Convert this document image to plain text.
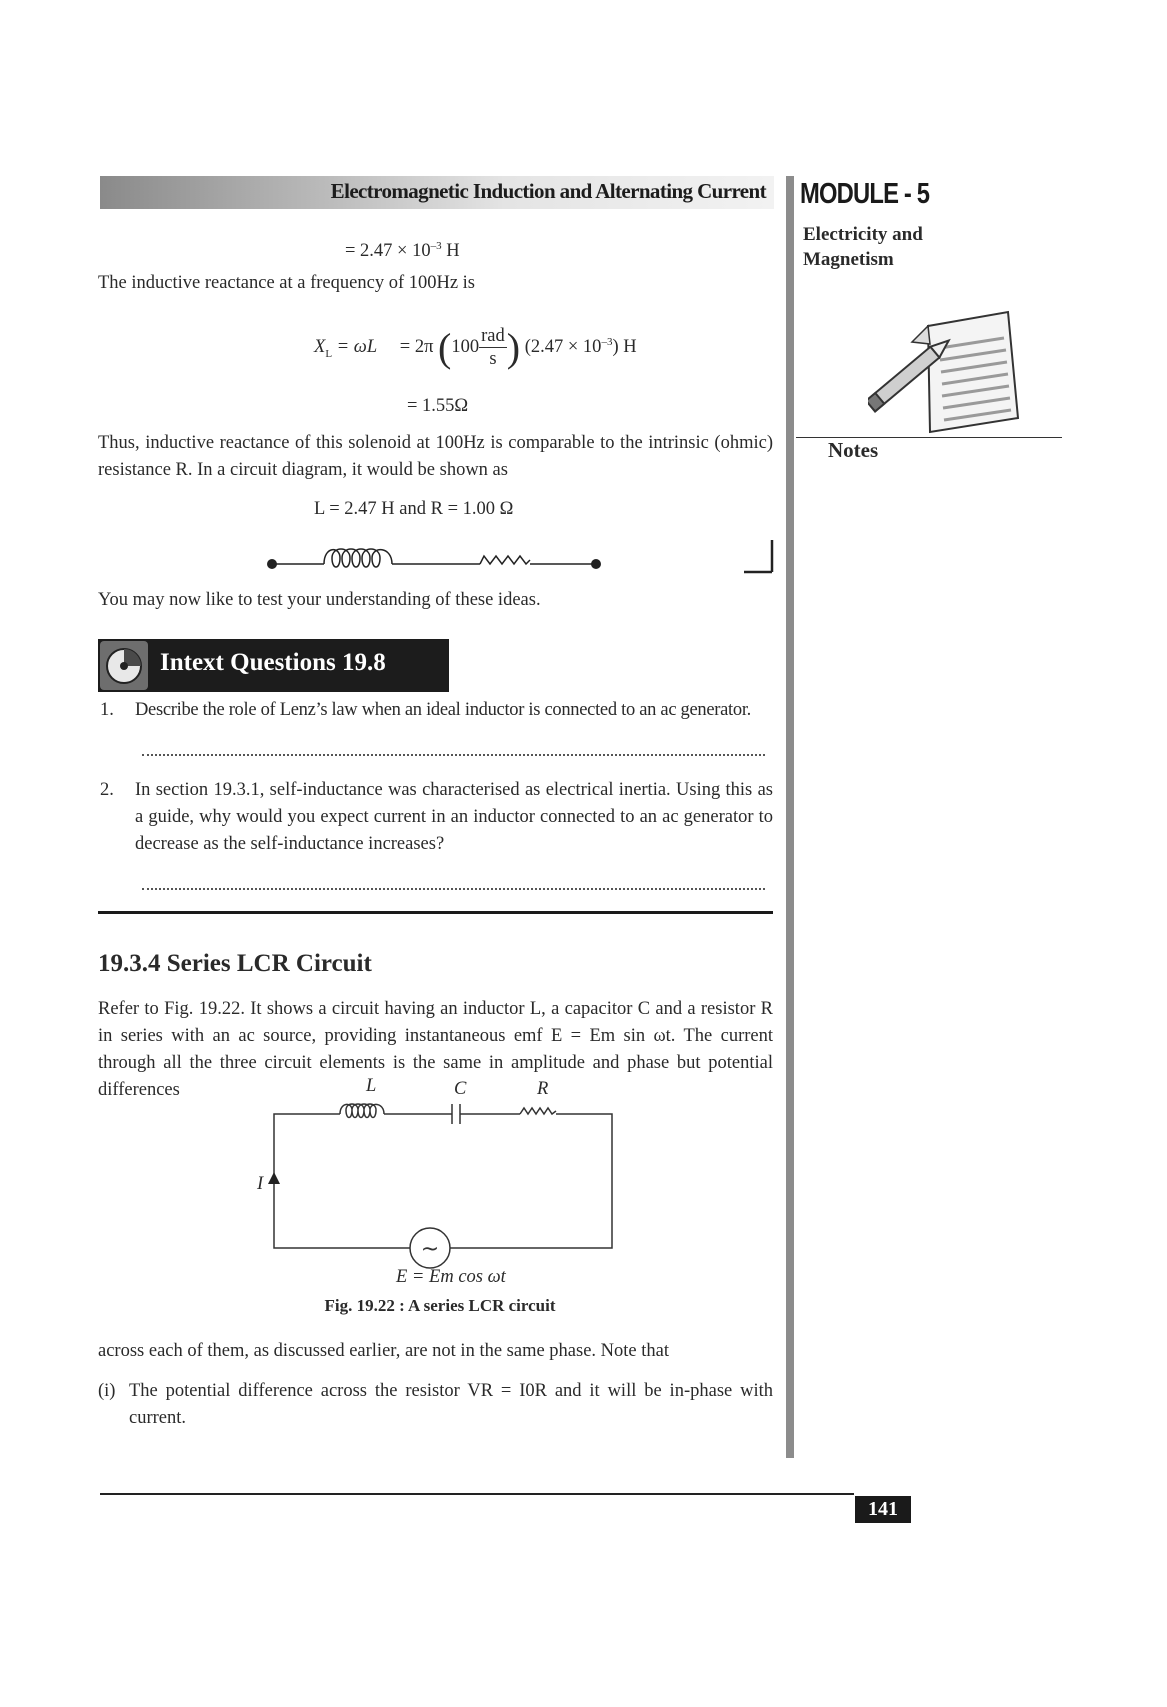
Electromagnetic Induction and Alternating Current MODULE - 5
Electricity and Magnetism
Notes
= $2.47 \times 10^{-3}$ H
The inductive reactance at a frequency of 100Hz is
$X_L = \omega L = 2\pi$ ($100 \frac{\text{rad}}{s}$ ) $(2.47 \times 10^{-3})$ H
= 1.55Ω
Thus, inductive reactance of this solenoid at 100Hz is comparable to the intrinsic (ohmic) resistance R. In a circuit diagram, it would be shown as
L = 2.47 H and R = 1.00 Ω
You may now like to test your understanding of these ideas.
Intext Questions 19.8
1. Describe the role of Lenz’s law when an ideal inductor is connected to an ac generator.
2. In section 19.3.1, self-inductance was characterised as electrical inertia. Using this as a guide, why would you expect current in an inductor connected to an ac generator to decrease as the self-inductance increases?
19.3.4 Series LCR Circuit
Refer to Fig. 19.22. It shows a circuit having an inductor L, a capacitor C and a resistor R in series with an ac source, providing instantaneous emf E = Em sin ωt. The current through all the three circuit elements is the same in amplitude and phase but potential differences	L	C	R
I
~
E = Em cos ωt
Fig. 19.22 : A series LCR circuit
across each of them, as discussed earlier, are not in the same phase. Note that
(i) The potential difference across the resistor VR = I0R and it will be in-phase with current.
141
